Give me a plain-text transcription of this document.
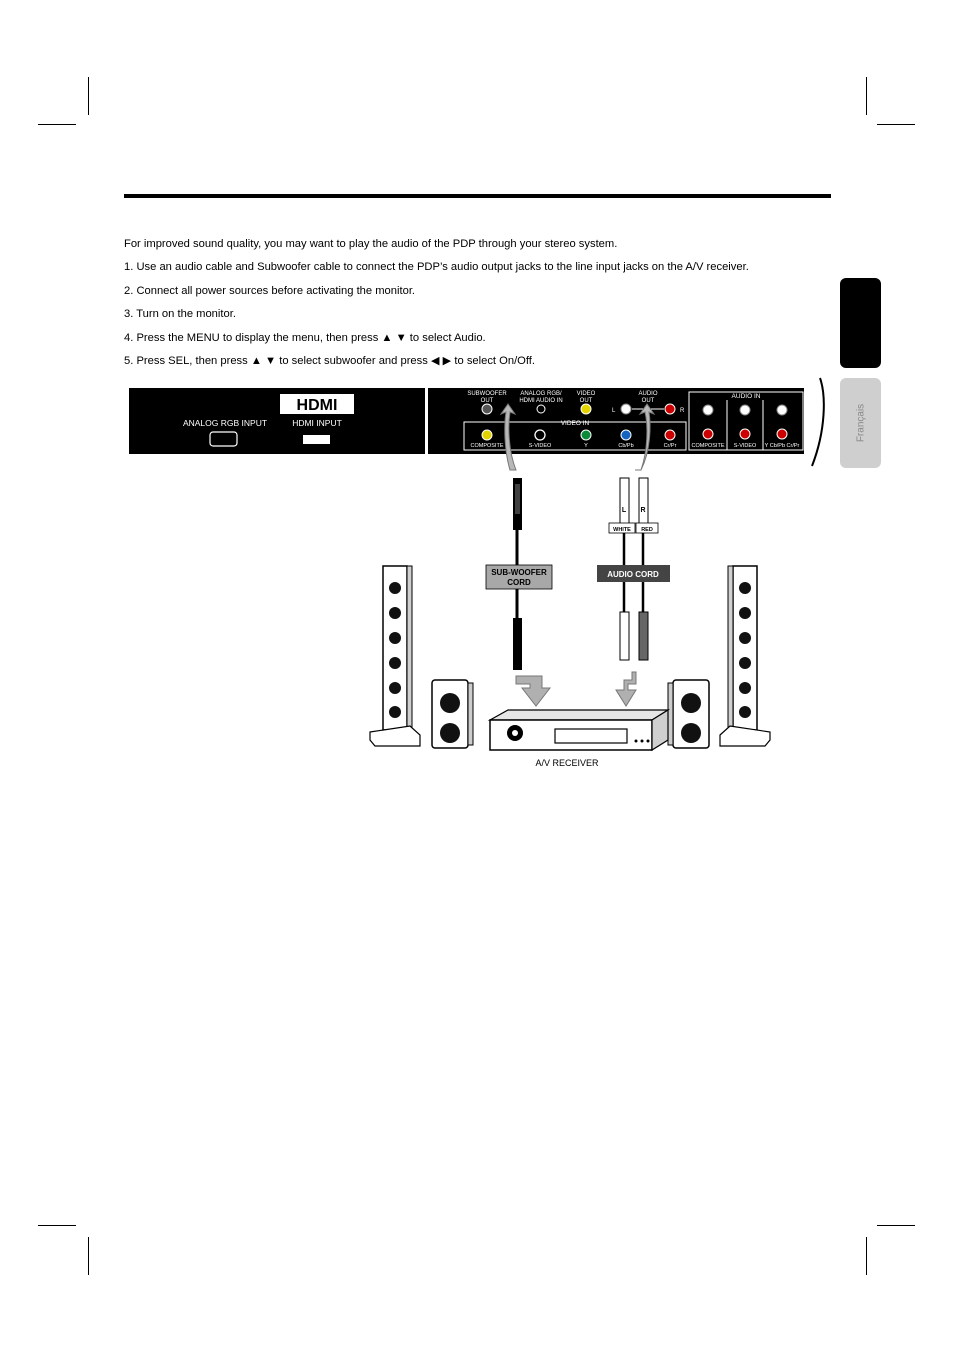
For improved sound quality, you may want to play the audio of the PDP through your stereo system.
1. Use an audio cable and Subwoofer cable to connect the PDP’s audio output jacks to the line input jacks on the A/V receiver.
2. Connect all power sources before activating the monitor.
3. Turn on the monitor.
4. Press the MENU to display the menu, then press ▲ ▼ to select Audio.
5. Press SEL, then press ▲ ▼ to select subwoofer and press ◀ ▶ to select On/Off.
Français
HDMI
ANALOG RGB INPUT	HDMI INPUT
SUBWOOFER
OUT
ANALOG RGB/
HDMI AUDIO IN
VIDEO
OUT
AUDIO
OUT
L	R
VIDEO IN
COMPOSITE	S-VIDEO	Y	Cb/Pb	Cr/Pr
AUDIO IN
COMPOSITE S-VIDEO Y Cb/Pb Cr/Pr
SUB-WOOFER
CORD
L R
WHITE RED
AUDIO CORD
A/V RECEIVER
